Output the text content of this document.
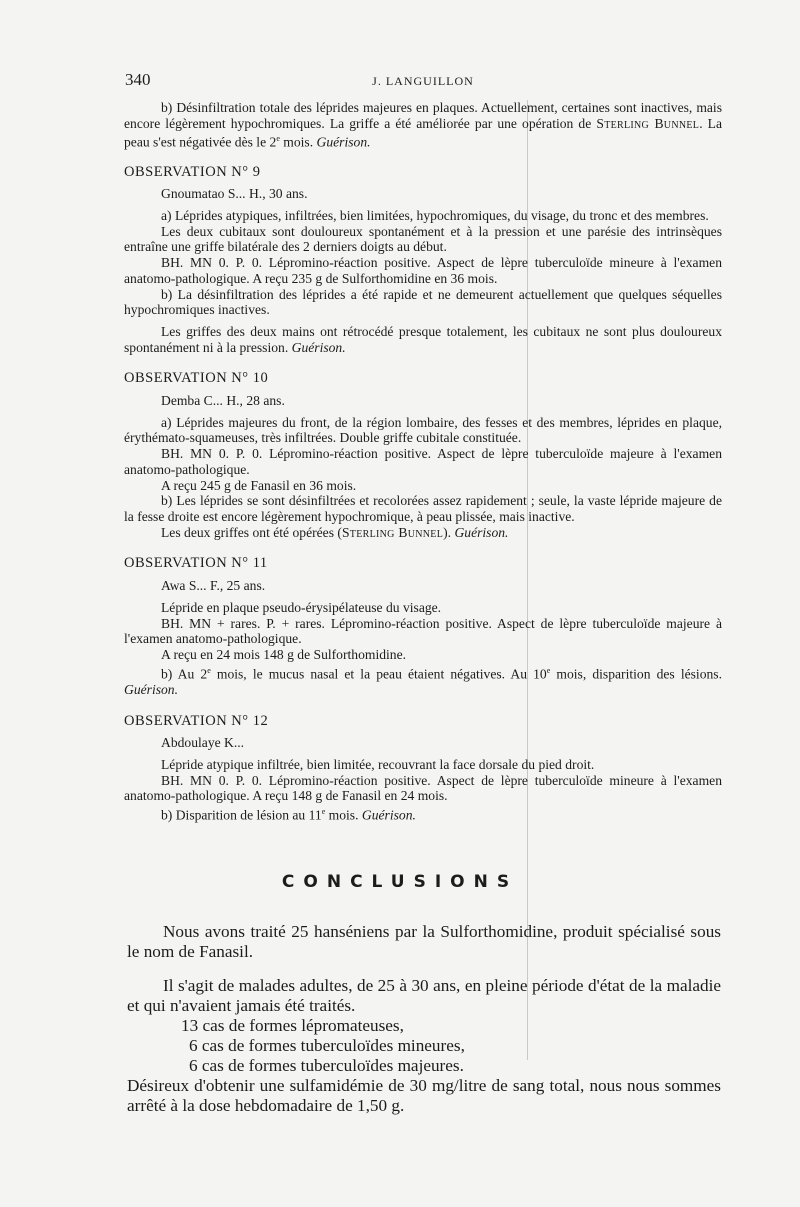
340	J. LANGUILLON

b) Désinfiltration totale des léprides majeures en plaques. Actuellement, certaines sont inactives, mais encore légèrement hypochromiques. La griffe a été améliorée par une opération de Sterling Bunnel. La peau s'est négativée dès le 2e mois. Guérison.

OBSERVATION N° 9

Gnoumatao S... H., 30 ans.

a) Léprides atypiques, infiltrées, bien limitées, hypochromiques, du visage, du tronc et des membres.

Les deux cubitaux sont douloureux spontanément et à la pression et une parésie des intrinsèques entraîne une griffe bilatérale des 2 derniers doigts au début.

BH. MN 0. P. 0. Lépromino-réaction positive. Aspect de lèpre tuberculoïde mineure à l'examen anatomo-pathologique. A reçu 235 g de Sulforthomidine en 36 mois.

b) La désinfiltration des léprides a été rapide et ne demeurent actuellement que quelques séquelles hypochromiques inactives.

Les griffes des deux mains ont rétrocédé presque totalement, les cubitaux ne sont plus douloureux spontanément ni à la pression. Guérison.

OBSERVATION N° 10

Demba C... H., 28 ans.

a) Léprides majeures du front, de la région lombaire, des fesses et des membres, léprides en plaque, érythémato-squameuses, très infiltrées. Double griffe cubitale constituée.

BH. MN 0. P. 0. Lépromino-réaction positive. Aspect de lèpre tuberculoïde majeure à l'examen anatomo-pathologique.

A reçu 245 g de Fanasil en 36 mois.

b) Les léprides se sont désinfiltrées et recolorées assez rapidement ; seule, la vaste lépride majeure de la fesse droite est encore légèrement hypochromique, à peau plissée, mais inactive.

Les deux griffes ont été opérées (Sterling Bunnel). Guérison.

OBSERVATION N° 11

Awa S... F., 25 ans.

Lépride en plaque pseudo-érysipélateuse du visage.

BH. MN + rares. P. + rares. Lépromino-réaction positive. Aspect de lèpre tuberculoïde majeure à l'examen anatomo-pathologique.

A reçu en 24 mois 148 g de Sulforthomidine.

b) Au 2e mois, le mucus nasal et la peau étaient négatives. Au 10e mois, disparition des lésions. Guérison.

OBSERVATION N° 12

Abdoulaye K...

Lépride atypique infiltrée, bien limitée, recouvrant la face dorsale du pied droit.

BH. MN 0. P. 0. Lépromino-réaction positive. Aspect de lèpre tuberculoïde mineure à l'examen anatomo-pathologique. A reçu 148 g de Fanasil en 24 mois.

b) Disparition de lésion au 11e mois. Guérison.

CONCLUSIONS

Nous avons traité 25 hanséniens par la Sulforthomidine, produit spécialisé sous le nom de Fanasil.

Il s'agit de malades adultes, de 25 à 30 ans, en pleine période d'état de la maladie et qui n'avaient jamais été traités.

13 cas de formes lépromateuses,

6 cas de formes tuberculoïdes mineures,

6 cas de formes tuberculoïdes majeures.

Désireux d'obtenir une sulfamidémie de 30 mg/litre de sang total, nous nous sommes arrêté à la dose hebdomadaire de 1,50 g.
